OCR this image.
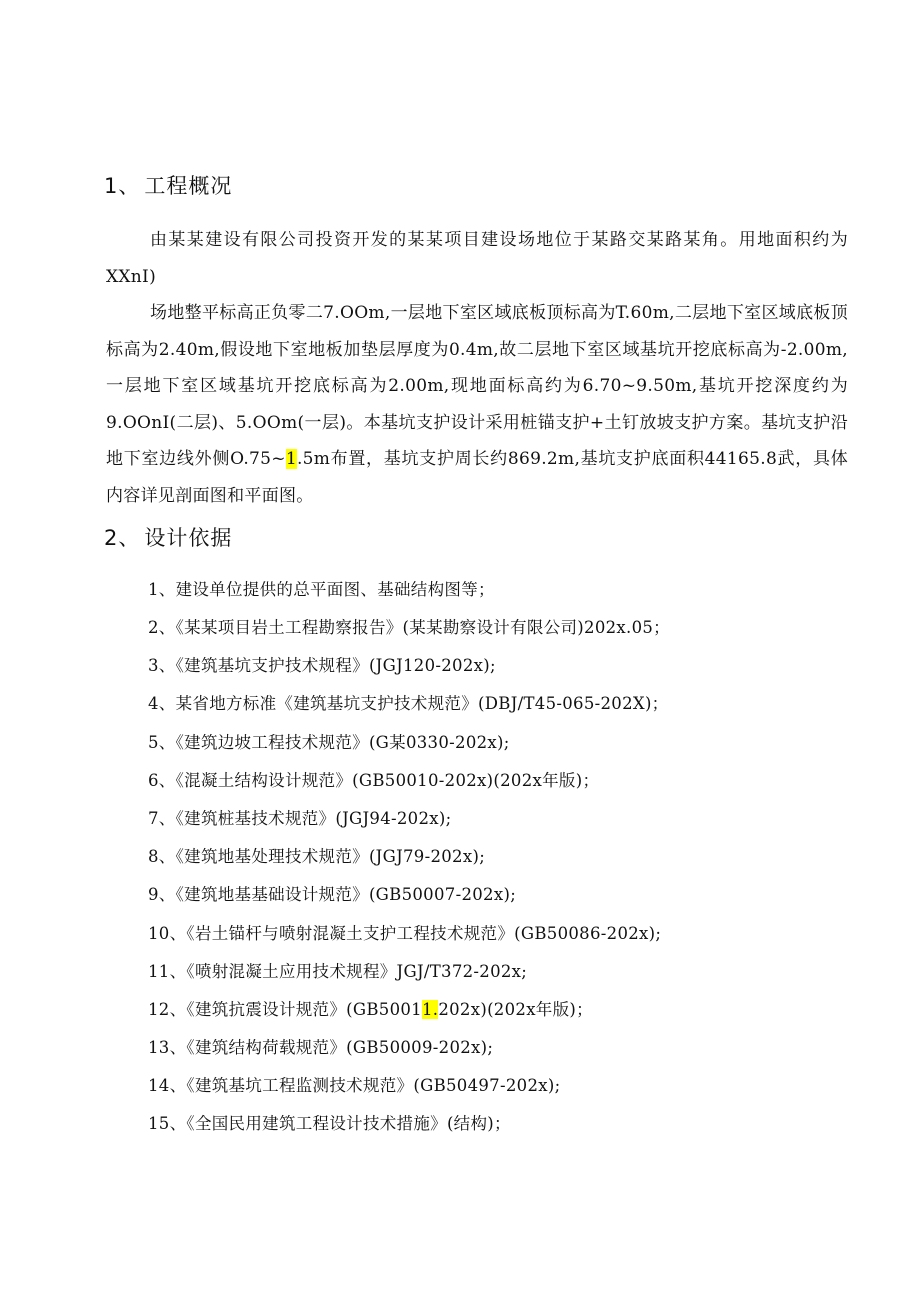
1、 工程概况
由某某建设有限公司投资开发的某某项目建设场地位于某路交某路某角。用地面积约为XXnI)
场地整平标高正负零二7.OOm,一层地下室区域底板顶标高为T.60m,二层地下室区域底板顶标高为2.40m,假设地下室地板加垫层厚度为0.4m,故二层地下室区域基坑开挖底标高为-2.00m,一层地下室区域基坑开挖底标高为2.00m,现地面标高约为6.70~9.50m,基坑开挖深度约为9.OOnI(二层)、5.OOm(一层)。本基坑支护设计采用桩锚支护+土钉放坡支护方案。基坑支护沿地下室边线外侧O.75~1.5m布置，基坑支护周长约869.2m,基坑支护底面积44165.8武，具体内容详见剖面图和平面图。
2、 设计依据
1、建设单位提供的总平面图、基础结构图等；
2、《某某项目岩土工程勘察报告》(某某勘察设计有限公司)202x.05；
3、《建筑基坑支护技术规程》(JGJ120-202x);
4、某省地方标准《建筑基坑支护技术规范》(DBJ/T45-065-202X)；
5、《建筑边坡工程技术规范》(G某0330-202x);
6、《混凝土结构设计规范》(GB50010-202x)(202x年版)；
7、《建筑桩基技术规范》(JGJ94-202x);
8、《建筑地基处理技术规范》(JGJ79-202x);
9、《建筑地基基础设计规范》(GB50007-202x);
10、《岩土锚杆与喷射混凝土支护工程技术规范》(GB50086-202x);
11、《喷射混凝土应用技术规程》JGJ/T372-202x;
12、《建筑抗震设计规范》(GB50011.202x)(202x年版)；
13、《建筑结构荷载规范》(GB50009-202x);
14、《建筑基坑工程监测技术规范》(GB50497-202x);
15、《全国民用建筑工程设计技术措施》(结构)；
